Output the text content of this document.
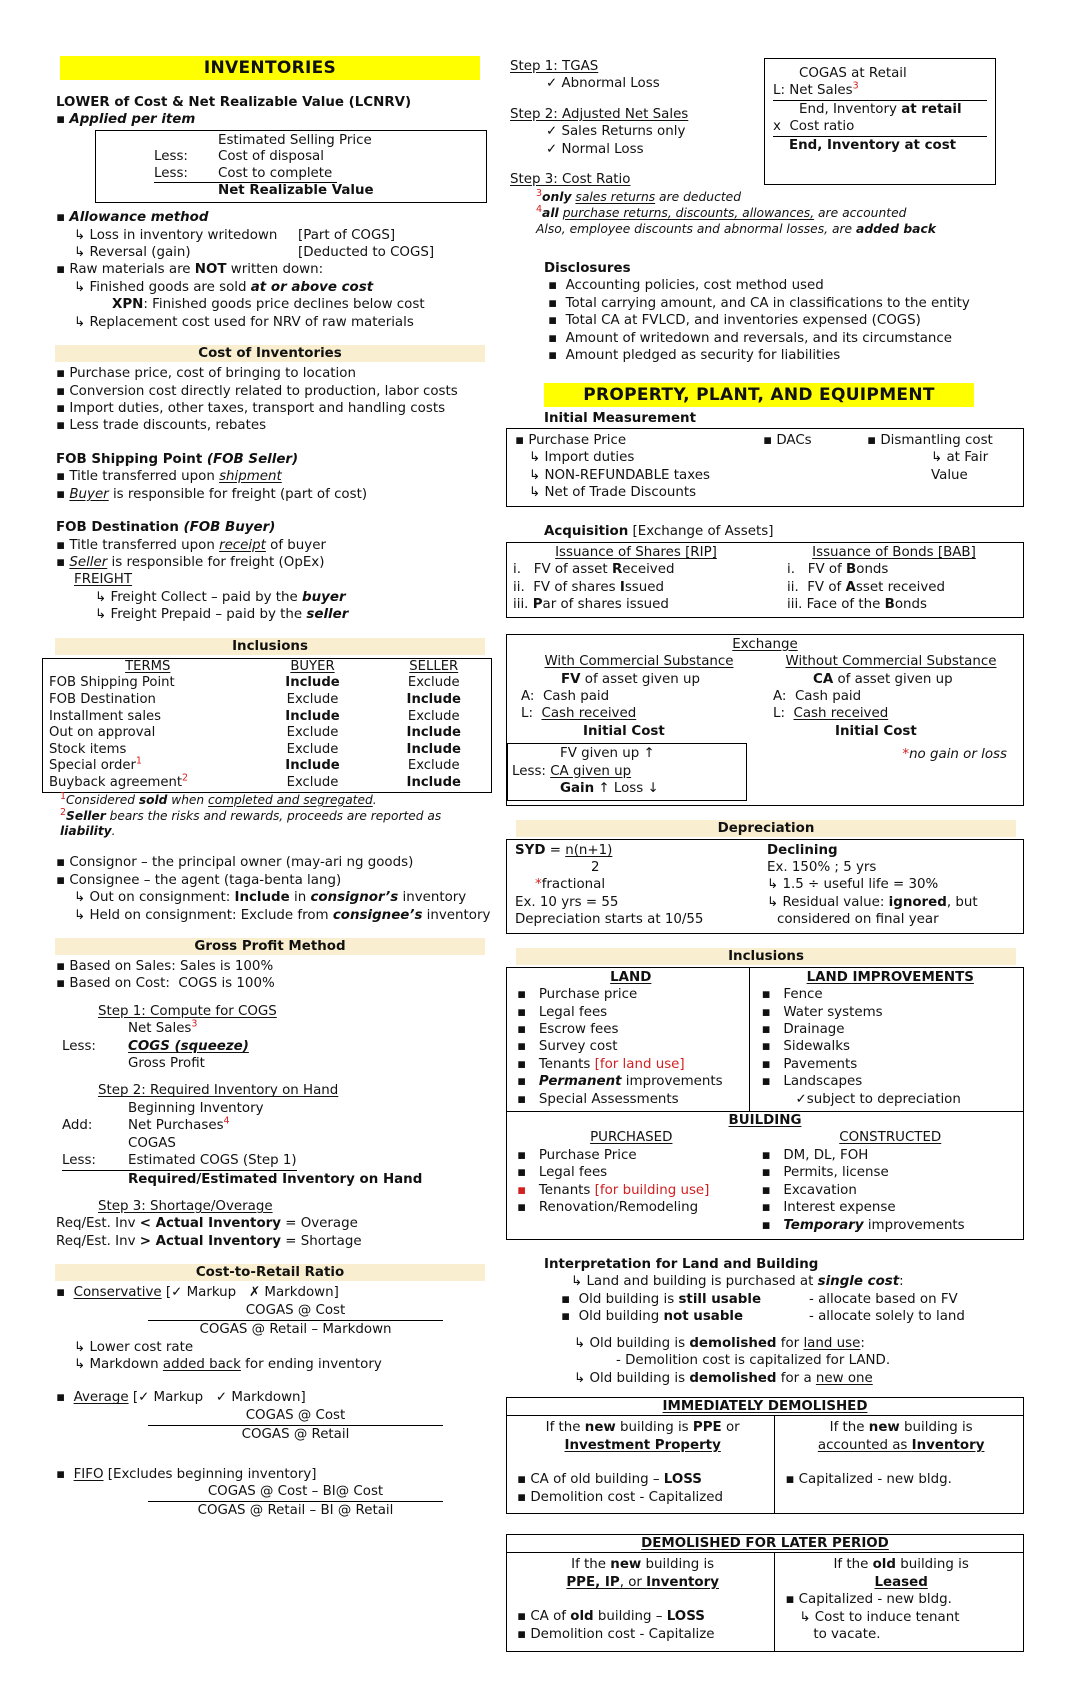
INVENTORIES
LOWER of Cost & Net Realizable Value (LCNRV)
▪ Applied per item
Estimated Selling Price
Less: Cost of disposal
Less: Cost to complete
Net Realizable Value
▪ Allowance method
↳ Loss in inventory writedown [Part of COGS]
↳ Reversal (gain)	[Deducted to COGS]
▪ Raw materials are NOT written down:
↳ Finished goods are sold at or above cost
XPN: Finished goods price declines below cost
↳ Replacement cost used for NRV of raw materials
Cost of Inventories
▪ Purchase price, cost of bringing to location
▪ Conversion cost directly related to production, labor costs
▪ Import duties, other taxes, transport and handling costs
▪ Less trade discounts, rebates
FOB Shipping Point (FOB Seller)
▪ Title transferred upon shipment
▪ Buyer is responsible for freight (part of cost)
FOB Destination (FOB Buyer)
▪ Title transferred upon receipt of buyer
▪ Seller is responsible for freight (OpEx)
FREIGHT
↳ Freight Collect – paid by the buyer
↳ Freight Prepaid – paid by the seller
Inclusions
TERMS	BUYER	SELLER
FOB Shipping Point	Include	Exclude
FOB Destination	Exclude	Include
Installment sales	Include	Exclude
Out on approval	Exclude	Include
Stock items	Exclude	Include
Special order$^1$	Include	Exclude
Buyback agreement$^2$	Exclude	Include
$^1$Considered sold when completed and segregated.
$^2$Seller bears the risks and rewards, proceeds are reported as liability.
▪ Consignor – the principal owner (may-ari ng goods)
▪ Consignee – the agent (taga-benta lang)
↳ Out on consignment: Include in consignor’s inventory
↳ Held on consignment: Exclude from consignee’s inventory
Gross Profit Method
▪ Based on Sales: Sales is 100%
▪ Based on Cost:  COGS is 100%
Step 1: Compute for COGS
Net Sales$^3$
Less: COGS (squeeze)
Gross Profit
Step 2: Required Inventory on Hand
Beginning Inventory
Add:	Net Purchases$^4$
COGAS
Less: Estimated COGS (Step 1)
Required/Estimated Inventory on Hand
Step 3: Shortage/Overage
Req/Est. Inv < Actual Inventory = Overage
Req/Est. Inv > Actual Inventory = Shortage
Cost-to-Retail Ratio
▪  Conservative [✓ Markup   ✗ Markdown]
COGAS @ Cost
COGAS @ Retail – Markdown
↳ Lower cost rate
↳ Markdown added back for ending inventory
▪  Average [✓ Markup   ✓ Markdown]
COGAS @ Cost
COGAS @ Retail
▪  FIFO [Excludes beginning inventory]
COGAS @ Cost – BI@ Cost
COGAS @ Retail – BI @ Retail
Step 1: TGAS
✓ Abnormal Loss
Step 2: Adjusted Net Sales
✓ Sales Returns only
✓ Normal Loss
Step 3: Cost Ratio
$^3$only sales returns are deducted
$^4$all purchase returns, discounts, allowances, are accounted
Also, employee discounts and abnormal losses, are added back
COGAS at Retail
L: Net Sales$^3$
End, Inventory at retail
x  Cost ratio
End, Inventory at cost
Disclosures
▪  Accounting policies, cost method used
▪  Total carrying amount, and CA in classifications to the entity
▪  Total CA at FVLCD, and inventories expensed (COGS)
▪  Amount of writedown and reversals, and its circumstance
▪  Amount pledged as security for liabilities
PROPERTY, PLANT, AND EQUIPMENT
Initial Measurement
▪ Purchase Price
↳ Import duties
↳ NON-REFUNDABLE taxes
↳ Net of Trade Discounts
▪ DACs	▪ Dismantling cost
↳ at Fair Value
Acquisition [Exchange of Assets]
Issuance of Shares [RIP]
i.   FV of asset Received
ii.  FV of shares Issued
iii. Par of shares issued
Issuance of Bonds [BAB]
i.   FV of Bonds
ii.  FV of Asset received
iii. Face of the Bonds
Exchange
With Commercial Substance
FV of asset given up
A:  Cash paid
L:  Cash received
Initial Cost
FV given up ↑
Less: CA given up
Gain ↑ Loss ↓
Without Commercial Substance
CA of asset given up
A:  Cash paid
L:  Cash received
Initial Cost
*no gain or loss
Depreciation
SYD = n(n+1)
2
*fractional
Ex. 10 yrs = 55
Depreciation starts at 10/55
Declining
Ex. 150% ; 5 yrs
↳ 1.5 ÷ useful life = 30%
↳ Residual value: ignored, but
considered on final year
Inclusions
LAND
▪   Purchase price
▪   Legal fees
▪   Escrow fees
▪   Survey cost
▪   Tenants [for land use]
▪   Permanent improvements
▪   Special Assessments
LAND IMPROVEMENTS
▪   Fence
▪   Water systems
▪   Drainage
▪   Sidewalks
▪   Pavements
▪   Landscapes
✓subject to depreciation
BUILDING
PURCHASED
▪   Purchase Price
▪   Legal fees
▪   Tenants [for building use]
▪   Renovation/Remodeling
CONSTRUCTED
▪   DM, DL, FOH
▪   Permits, license
▪   Excavation
▪   Interest expense
▪   Temporary improvements
Interpretation for Land and Building
↳ Land and building is purchased at single cost:
▪  Old building is still usable	- allocate based on FV
▪  Old building not usable	- allocate solely to land
↳ Old building is demolished for land use:
- Demolition cost is capitalized for LAND.
↳ Old building is demolished for a new one
IMMEDIATELY DEMOLISHED
If the new building is PPE or
Investment Property
▪ CA of old building – LOSS
▪ Demolition cost - Capitalized
If the new building is
accounted as Inventory
▪ Capitalized - new bldg.
DEMOLISHED FOR LATER PERIOD
If the new building is
PPE, IP, or Inventory
▪ CA of old building – LOSS
▪ Demolition cost - Capitalize
If the old building is
Leased
▪ Capitalized - new bldg.
↳ Cost to induce tenant
to vacate.
